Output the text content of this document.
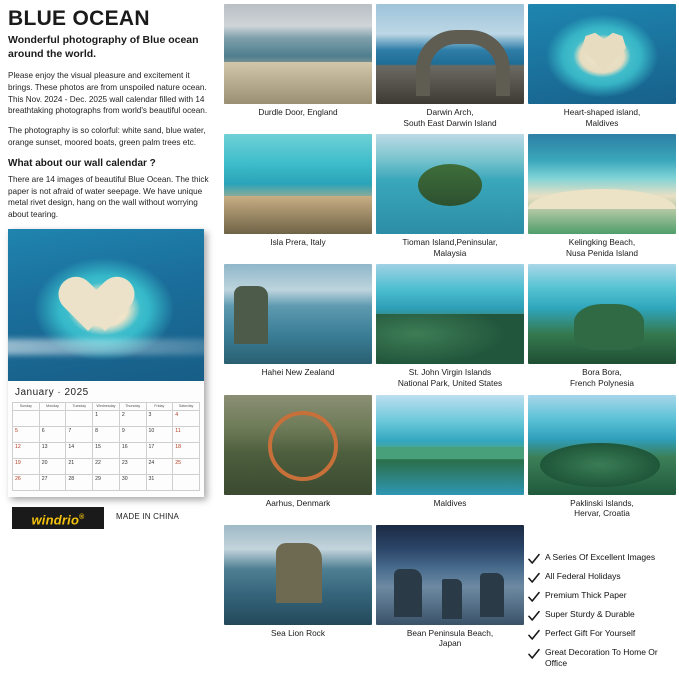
BLUE OCEAN
Wonderful photography of Blue ocean around the world.
Please enjoy the visual pleasure and excitement it brings. These photos are from unspoiled nature ocean. This Nov. 2024 - Dec. 2025 wall calendar filled with 14 breathtaking photographs from world's beautiful ocean.
The photography is so colorful: white sand, blue water, orange sunset, moored boats, green palm trees etc.
What about our wall calendar ?
There are 14 images of beautiful Blue Ocean. The thick paper is not afraid of water seepage. We have unique metal rivet design, hang on the wall without worrying about tearing.
January · 2025
Sunday	Monday	Tuesday	Wednesday	Thursday	Friday	Saturday
			1	2	3	4
5	6	7	8	9	10	11
12	13	14	15	16	17	18
19	20	21	22	23	24	25
26	27	28	29	30	31	
windrio®	MADE IN CHINA
Durdle Door, England	Darwin Arch,
South East Darwin Island
Heart-shaped island,
Maldives
Isla Prera, Italy	Tioman Island,Peninsular,
Malaysia
Kelingking Beach,
Nusa Penida Island
Hahei New Zealand	St. John Virgin Islands
National Park, United States
Bora Bora,
French Polynesia
Aarhus, Denmark	Maldives	Paklinski Islands,
Hervar, Croatia
Sea Lion Rock	Bean Peninsula Beach,
Japan
A Series Of Excellent Images
All Federal Holidays
Premium Thick Paper
Super Sturdy & Durable
Perfect Gift For Yourself
Great Decoration To Home Or Office
